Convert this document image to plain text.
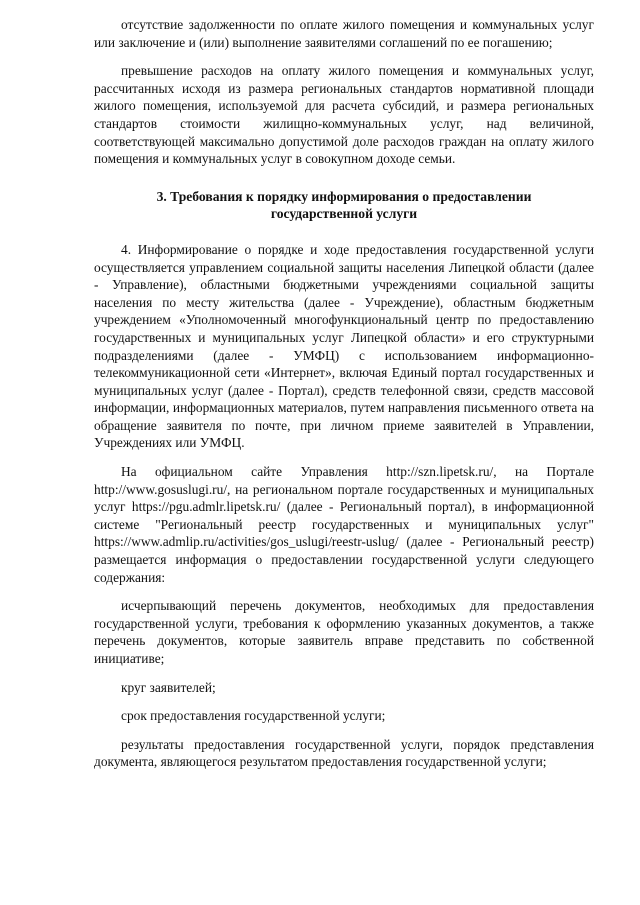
отсутствие задолженности по оплате жилого помещения и коммунальных услуг или заключение и (или) выполнение заявителями соглашений по ее погашению;

превышение расходов на оплату жилого помещения и коммунальных услуг, рассчитанных исходя из размера региональных стандартов нормативной площади жилого помещения, используемой для расчета субсидий, и размера региональных стандартов стоимости жилищно-коммунальных услуг, над величиной, соответствующей максимально допустимой доле расходов граждан на оплату жилого помещения и коммунальных услуг в совокупном доходе семьи.

3. Требования к порядку информирования о предоставлении государственной услуги

4. Информирование о порядке и ходе предоставления государственной услуги осуществляется управлением социальной защиты населения Липецкой области (далее - Управление), областными бюджетными учреждениями социальной защиты населения по месту жительства (далее - Учреждение), областным бюджетным учреждением «Уполномоченный многофункциональный центр по предоставлению государственных и муниципальных услуг Липецкой области» и его структурными подразделениями (далее - УМФЦ) с использованием информационно-телекоммуникационной сети «Интернет», включая Единый портал государственных и муниципальных услуг (далее - Портал), средств телефонной связи, средств массовой информации, информационных материалов, путем направления письменного ответа на обращение заявителя по почте, при личном приеме заявителей в Управлении, Учреждениях или УМФЦ.

На официальном сайте Управления http://szn.lipetsk.ru/, на Портале http://www.gosuslugi.ru/, на региональном портале государственных и муниципальных услуг https://pgu.admlr.lipetsk.ru/ (далее - Региональный портал), в информационной системе "Региональный реестр государственных и муниципальных услуг" https://www.admlip.ru/activities/gos_uslugi/reestr-uslug/ (далее - Региональный реестр) размещается информация о предоставлении государственной услуги следующего содержания:

исчерпывающий перечень документов, необходимых для предоставления государственной услуги, требования к оформлению указанных документов, а также перечень документов, которые заявитель вправе представить по собственной инициативе;

круг заявителей;

срок предоставления государственной услуги;

результаты предоставления государственной услуги, порядок представления документа, являющегося результатом предоставления государственной услуги;
